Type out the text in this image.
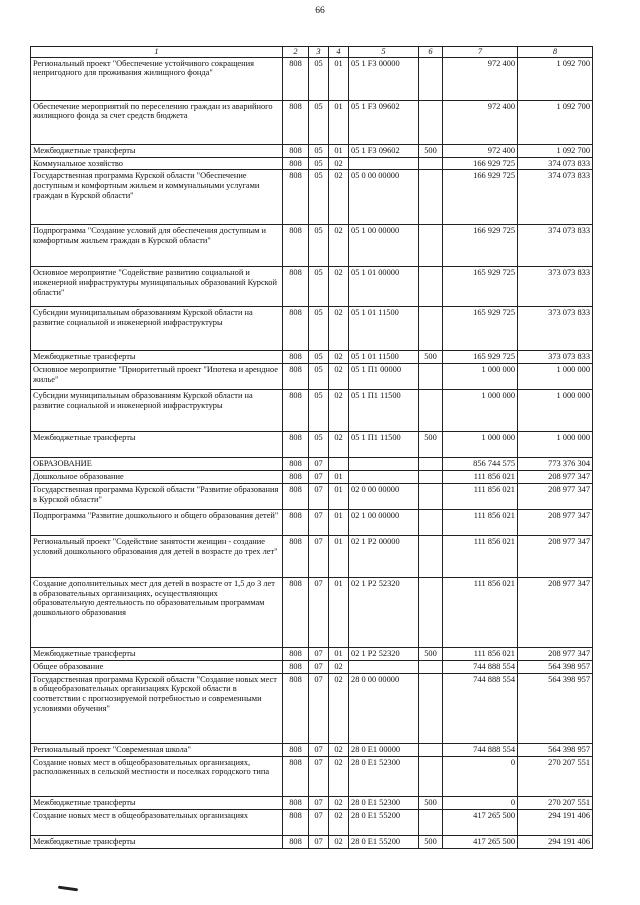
66
1	2	3	4	5	6	7	8
Региональный проект "Обеспечение устойчивого сокращения непригодного для проживания жилищного фонда"	808	05	01	05 1 F3 00000		972 400	1 092 700
Обеспечение мероприятий по переселению граждан из аварийного жилищного фонда за счет средств бюджета	808	05	01	05 1 F3 09602		972 400	1 092 700
Межбюджетные трансферты	808	05	01	05 1 F3 09602	500	972 400	1 092 700
Коммунальное хозяйство	808	05	02			166 929 725	374 073 833
Государственная программа Курской области "Обеспечение доступным и комфортным жильем и коммунальными услугами граждан в Курской области"	808	05	02	05 0 00 00000		166 929 725	374 073 833
Подпрограмма "Создание условий для обеспечения доступным и комфортным жильем граждан в Курской области"	808	05	02	05 1 00 00000		166 929 725	374 073 833
Основное мероприятие "Содействие развитию социальной и инженерной инфраструктуры муниципальных образований Курской области"	808	05	02	05 1 01 00000		165 929 725	373 073 833
Субсидии муниципальным образованиям Курской области на развитие социальной и инженерной инфраструктуры	808	05	02	05 1 01 11500		165 929 725	373 073 833
Межбюджетные трансферты	808	05	02	05 1 01 11500	500	165 929 725	373 073 833
Основное мероприятие "Приоритетный проект "Ипотека и арендное жилье"	808	05	02	05 1 П1 00000		1 000 000	1 000 000
Субсидии муниципальным образованиям Курской области на развитие социальной и инженерной инфраструктуры	808	05	02	05 1 П1 11500		1 000 000	1 000 000
Межбюджетные трансферты	808	05	02	05 1 П1 11500	500	1 000 000	1 000 000
ОБРАЗОВАНИЕ	808	07				856 744 575	773 376 304
Дошкольное образование	808	07	01			111 856 021	208 977 347
Государственная программа Курской области "Развитие образования в Курской области"	808	07	01	02 0 00 00000		111 856 021	208 977 347
Подпрограмма "Развитие дошкольного и общего образования детей"	808	07	01	02 1 00 00000		111 856 021	208 977 347
Региональный проект "Содействие занятости женщин - создание условий дошкольного образования для детей в возрасте до трех лет"	808	07	01	02 1 P2 00000		111 856 021	208 977 347
Создание дополнительных мест для детей в возрасте от 1,5 до 3 лет в образовательных организациях, осуществляющих образовательную деятельность по образовательным программам дошкольного образования	808	07	01	02 1 P2 52320		111 856 021	208 977 347
Межбюджетные трансферты	808	07	01	02 1 P2 52320	500	111 856 021	208 977 347
Общее образование	808	07	02			744 888 554	564 398 957
Государственная программа Курской области "Создание новых мест в общеобразовательных организациях Курской области в соответствии с прогнозируемой потребностью и современными условиями обучения"	808	07	02	28 0 00 00000		744 888 554	564 398 957
Региональный проект "Современная школа"	808	07	02	28 0 E1 00000		744 888 554	564 398 957
Создание новых мест в общеобразовательных организациях, расположенных в сельской местности и поселках городского типа	808	07	02	28 0 E1 52300		0	270 207 551
Межбюджетные трансферты	808	07	02	28 0 E1 52300	500	0	270 207 551
Создание новых мест в общеобразовательных организациях	808	07	02	28 0 E1 55200		417 265 500	294 191 406
Межбюджетные трансферты	808	07	02	28 0 E1 55200	500	417 265 500	294 191 406
